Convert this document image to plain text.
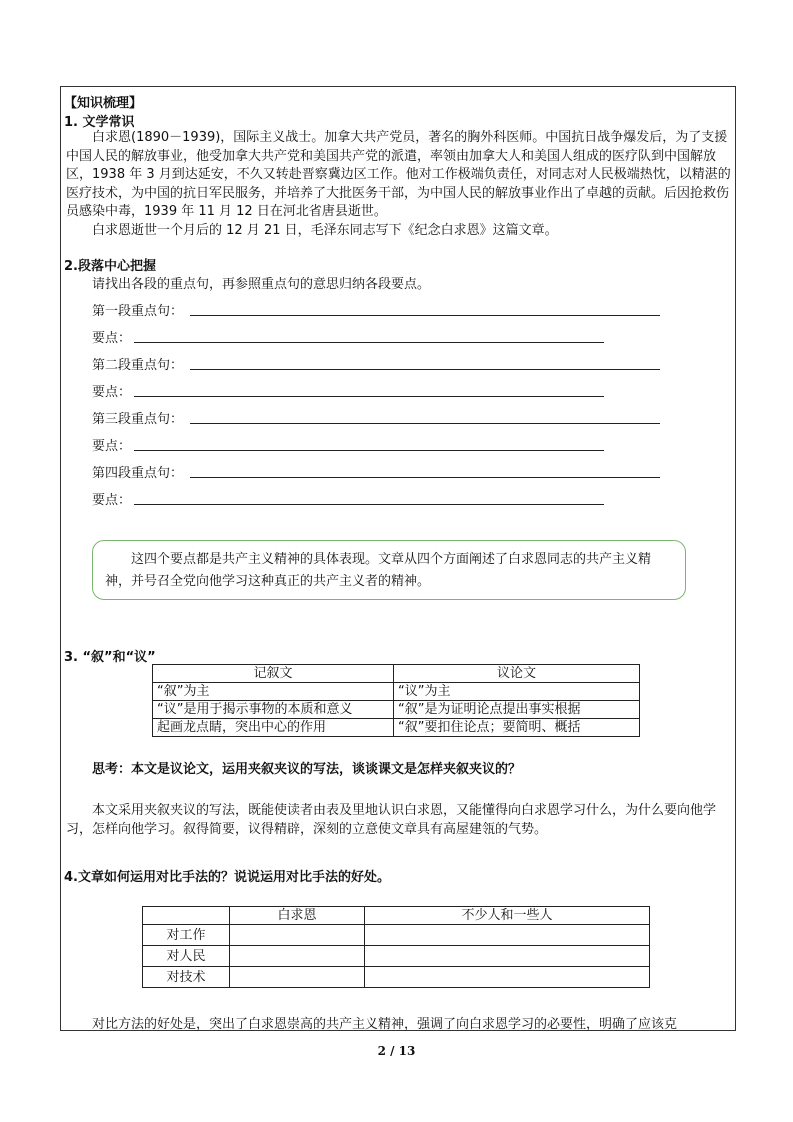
【知识梳理】
1. 文学常识

白求恩(1890－1939)，国际主义战士。加拿大共产党员，著名的胸外科医师。中国抗日战争爆发后，为了支援中国人民的解放事业，他受加拿大共产党和美国共产党的派遣，率领由加拿大人和美国人组成的医疗队到中国解放区，1938 年 3 月到达延安，不久又转赴晋察冀边区工作。他对工作极端负责任，对同志对人民极端热忱，以精湛的医疗技术，为中国的抗日军民服务，并培养了大批医务干部，为中国人民的解放事业作出了卓越的贡献。后因抢救伤员感染中毒，1939 年 11 月 12 日在河北省唐县逝世。

白求恩逝世一个月后的 12 月 21 日，毛泽东同志写下《纪念白求恩》这篇文章。

2.段落中心把握
请找出各段的重点句，再参照重点句的意思归纳各段要点。
第一段重点句：
要点：
第二段重点句：
要点：
第三段重点句：
要点：
第四段重点句：
要点：

这四个要点都是共产主义精神的具体表现。文章从四个方面阐述了白求恩同志的共产主义精神，并号召全党向他学习这种真正的共产主义者的精神。

3. “叙”和“议”
记叙文	议论文
“叙”为主	“议”为主
“议”是用于揭示事物的本质和意义	“叙”是为证明论点提出事实根据
起画龙点睛，突出中心的作用	“叙”要扣住论点；要简明、概括
思考：本文是议论文，运用夹叙夹议的写法，谈谈课文是怎样夹叙夹议的？

本文采用夹叙夹议的写法，既能使读者由表及里地认识白求恩，又能懂得向白求恩学习什么，为什么要向他学习，怎样向他学习。叙得简要，议得精辟，深刻的立意使文章具有高屋建瓴的气势。

4.文章如何运用对比手法的？说说运用对比手法的好处。
	白求恩	不少人和一些人
对工作		
对人民		
对技术		

对比方法的好处是，突出了白求恩崇高的共产主义精神，强调了向白求恩学习的必要性，明确了应该克

2 / 13
